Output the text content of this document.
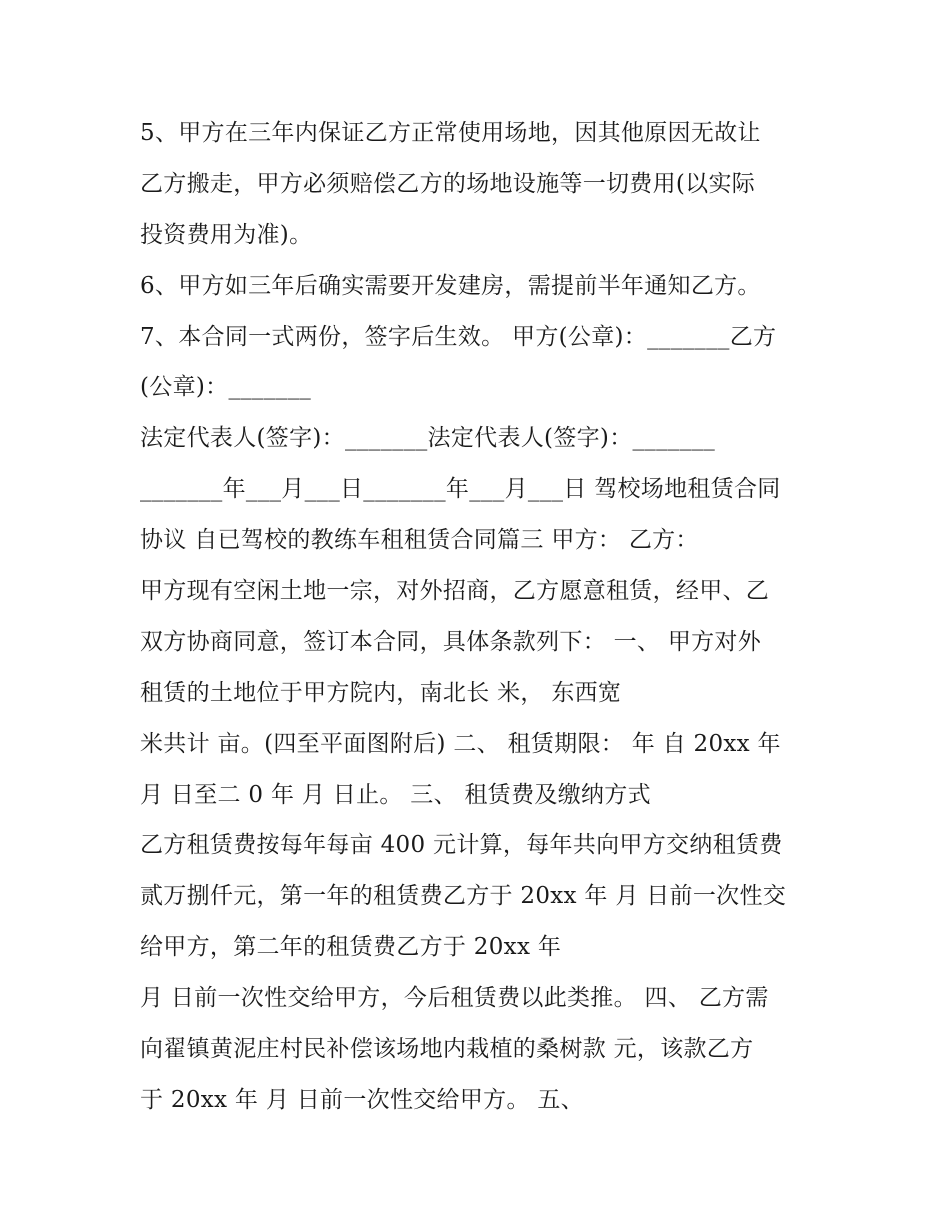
5、甲方在三年内保证乙方正常使用场地，因其他原因无故让
乙方搬走，甲方必须赔偿乙方的场地设施等一切费用(以实际
投资费用为准)。
6、甲方如三年后确实需要开发建房，需提前半年通知乙方。
7、本合同一式两份，签字后生效。 甲方(公章)：_______乙方
(公章)：_______
法定代表人(签字)：_______法定代表人(签字)：_______
_______年___月___日_______年___月___日 驾校场地租赁合同
协议 自已驾校的教练车租租赁合同篇三 甲方： 乙方：
甲方现有空闲土地一宗，对外招商，乙方愿意租赁，经甲、乙
双方协商同意，签订本合同，具体条款列下： 一、 甲方对外
租赁的土地位于甲方院内，南北长 米， 东西宽
米共计 亩。(四至平面图附后) 二、 租赁期限： 年 自 20xx 年
月 日至二 0 年 月 日止。 三、 租赁费及缴纳方式
乙方租赁费按每年每亩 400 元计算，每年共向甲方交纳租赁费
贰万捌仟元，第一年的租赁费乙方于 20xx 年 月 日前一次性交
给甲方，第二年的租赁费乙方于 20xx 年
月 日前一次性交给甲方，今后租赁费以此类推。 四、 乙方需
向翟镇黄泥庄村民补偿该场地内栽植的桑树款 元，该款乙方
于 20xx 年 月 日前一次性交给甲方。 五、
